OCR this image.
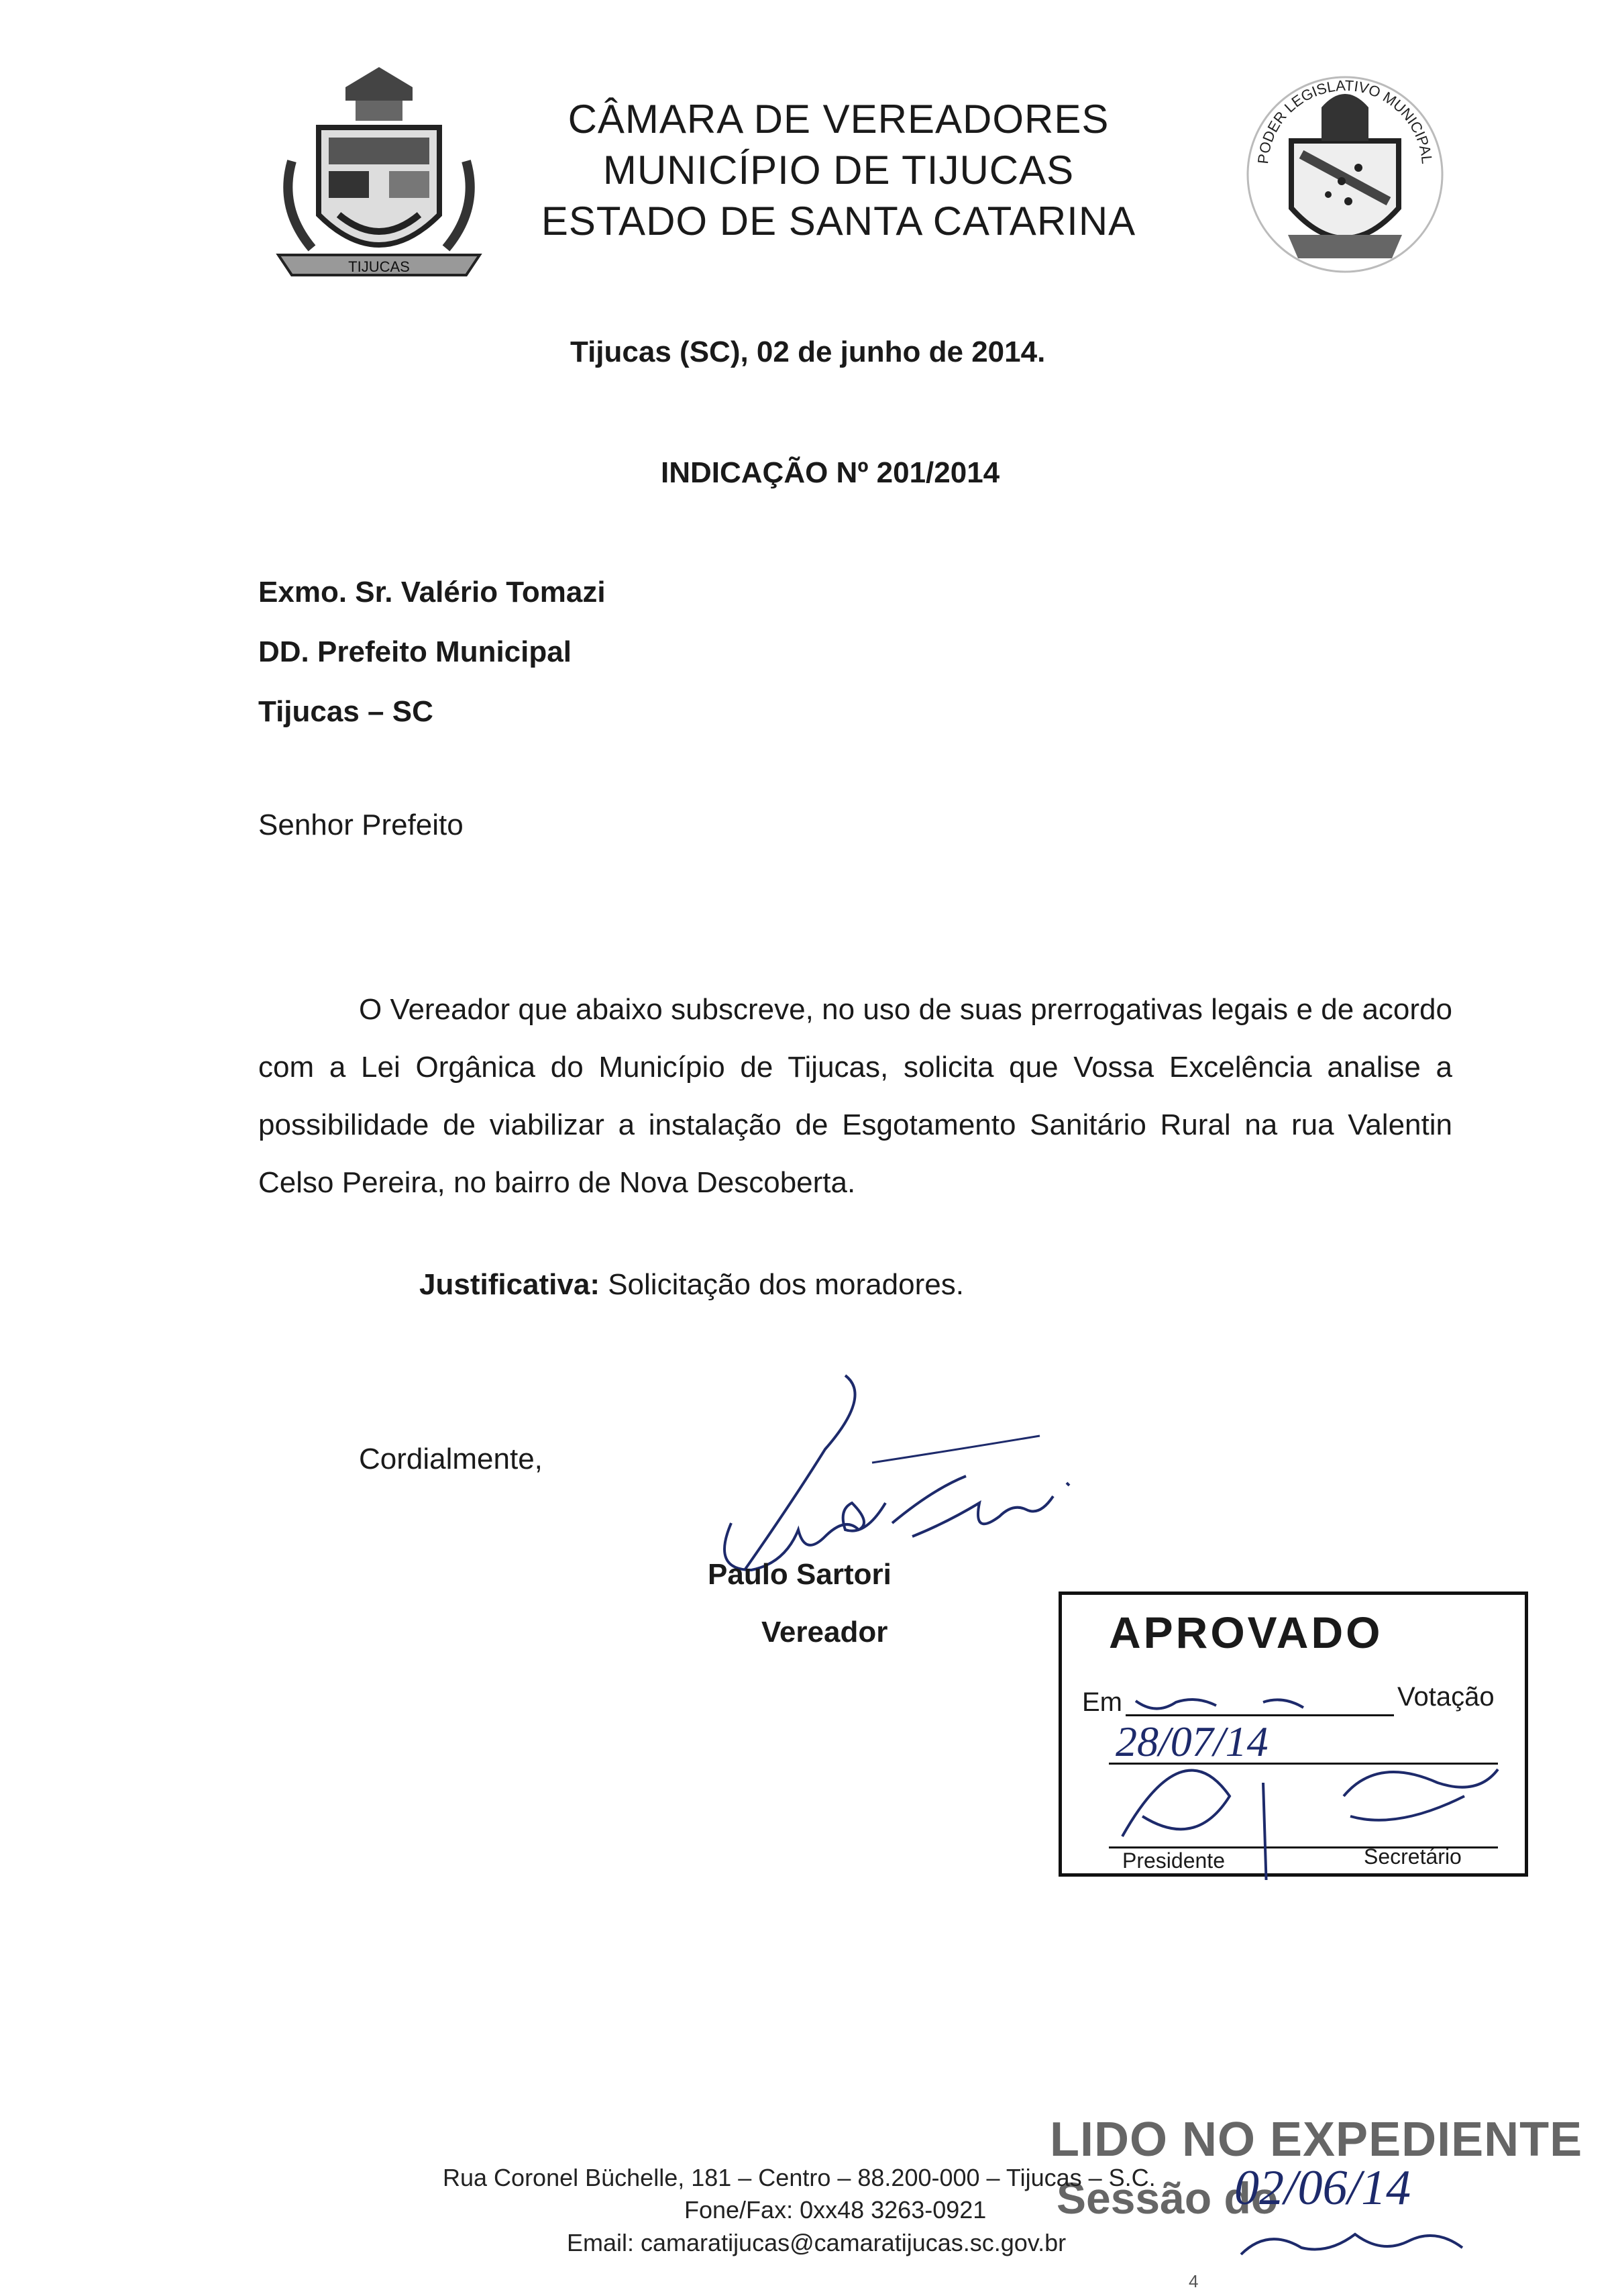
TIJUCAS
CÂMARA DE VEREADORES
MUNICÍPIO DE TIJUCAS
ESTADO DE SANTA CATARINA
PODER LEGISLATIVO MUNICIPAL
Tijucas (SC), 02 de junho de 2014.
INDICAÇÃO Nº 201/2014
Exmo. Sr. Valério Tomazi
DD. Prefeito Municipal
Tijucas – SC
Senhor Prefeito
O Vereador que abaixo subscreve, no uso de suas prerrogativas legais e de acordo com a Lei Orgânica do Município de Tijucas, solicita que Vossa Excelência analise a possibilidade de viabilizar a instalação de Esgotamento Sanitário Rural na rua Valentin Celso Pereira, no bairro de Nova Descoberta.
Justificativa: Solicitação dos moradores.
Cordialmente,
Paulo Sartori
Vereador	APROVADO
Em	Votação
Presidente	Secretário
28/07/14
LIDO NO EXPEDIENTE
Sessão do
02/06/14
Rua Coronel Büchelle, 181 – Centro – 88.200-000 – Tijucas – S.C.
Fone/Fax: 0xx48 3263-0921
Email: camaratijucas@camaratijucas.sc.gov.br
4
